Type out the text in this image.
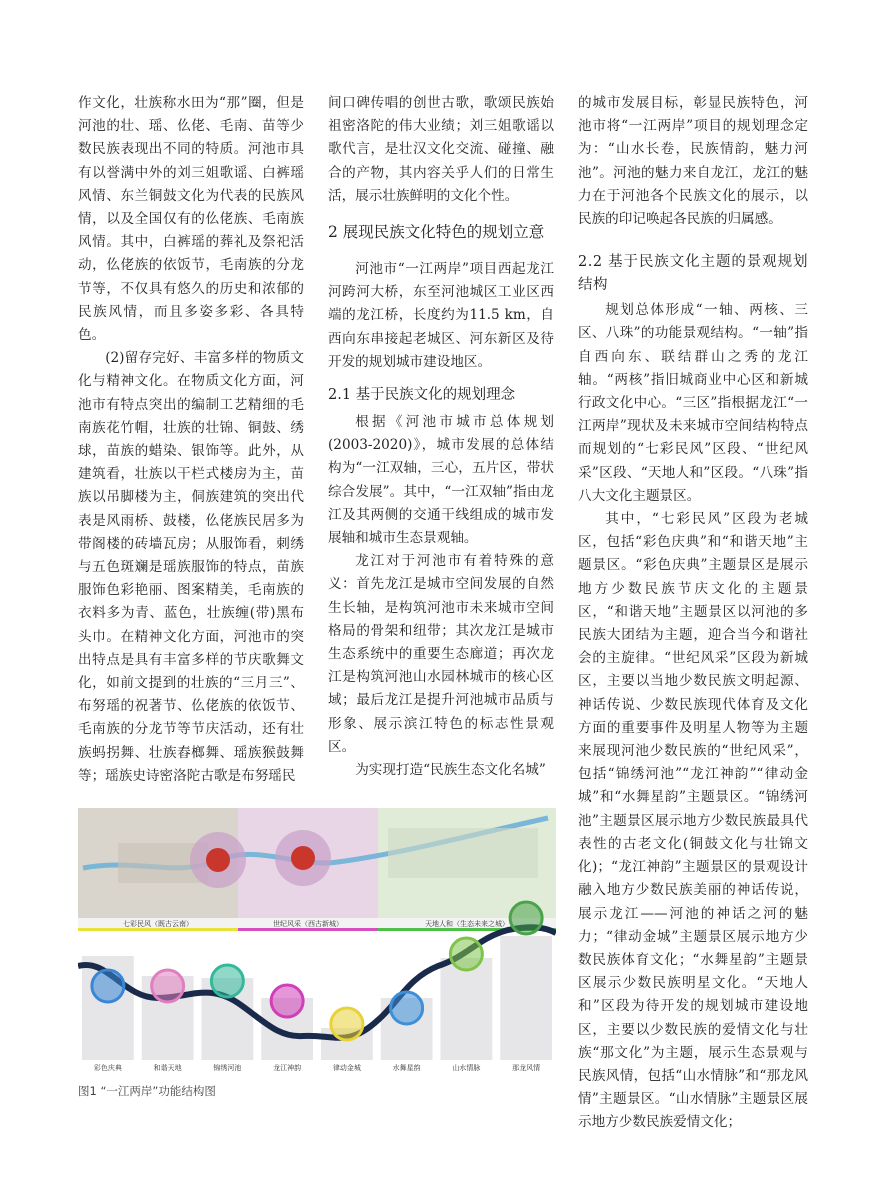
作文化，壮族称水田为“那”圈，但是河池的壮、瑶、仫佬、毛南、苗等少数民族表现出不同的特质。河池市具有以誉满中外的刘三姐歌谣、白裤瑶风情、东兰铜鼓文化为代表的民族风情，以及全国仅有的仫佬族、毛南族风情。其中，白裤瑶的葬礼及祭祀活动，仫佬族的依饭节，毛南族的分龙节等，不仅具有悠久的历史和浓郁的民族风情，而且多姿多彩、各具特色。

(2)留存完好、丰富多样的物质文化与精神文化。在物质文化方面，河池市有特点突出的编制工艺精细的毛南族花竹帽，壮族的壮锦、铜鼓、绣球，苗族的蜡染、银饰等。此外，从建筑看，壮族以干栏式楼房为主，苗族以吊脚楼为主，侗族建筑的突出代表是风雨桥、鼓楼，仫佬族民居多为带阁楼的砖墙瓦房；从服饰看，刺绣与五色斑斓是瑶族服饰的特点，苗族服饰色彩艳丽、图案精美，毛南族的衣料多为青、蓝色，壮族缠(带)黑布头巾。在精神文化方面，河池市的突出特点是具有丰富多样的节庆歌舞文化，如前文提到的壮族的“三月三”、布努瑶的祝著节、仫佬族的依饭节、毛南族的分龙节等节庆活动，还有壮族蚂拐舞、壮族舂榔舞、瑶族猴鼓舞等；瑶族史诗密洛陀古歌是布努瑶民

间口碑传唱的创世古歌，歌颂民族始祖密洛陀的伟大业绩；刘三姐歌谣以歌代言，是壮汉文化交流、碰撞、融合的产物，其内容关乎人们的日常生活，展示壮族鲜明的文化个性。

2 展现民族文化特色的规划立意

河池市“一江两岸”项目西起龙江河跨河大桥，东至河池城区工业区西端的龙江桥，长度约为11.5 km，自西向东串接起老城区、河东新区及待开发的规划城市建设地区。

2.1 基于民族文化的规划理念

根据《河池市城市总体规划(2003-2020)》，城市发展的总体结构为“一江双轴，三心，五片区，带状综合发展”。其中，“一江双轴”指由龙江及其两侧的交通干线组成的城市发展轴和城市生态景观轴。

龙江对于河池市有着特殊的意义：首先龙江是城市空间发展的自然生长轴，是构筑河池市未来城市空间格局的骨架和纽带；其次龙江是城市生态系统中的重要生态廊道；再次龙江是构筑河池山水园林城市的核心区域；最后龙江是提升河池城市品质与形象、展示滨江特色的标志性景观区。

为实现打造“民族生态文化名城”

的城市发展目标，彰显民族特色，河池市将“一江两岸”项目的规划理念定为：“山水长卷，民族情韵，魅力河池”。河池的魅力来自龙江，龙江的魅力在于河池各个民族文化的展示，以民族的印记唤起各民族的归属感。

2.2 基于民族文化主题的景观规划结构

规划总体形成“一轴、两核、三区、八珠”的功能景观结构。“一轴”指自西向东、联结群山之秀的龙江轴。“两核”指旧城商业中心区和新城行政文化中心。“三区”指根据龙江“一江两岸”现状及未来城市空间结构特点而规划的“七彩民风”区段、“世纪风采”区段、“天地人和”区段。“八珠”指八大文化主题景区。

其中，“七彩民风”区段为老城区，包括“彩色庆典”和“和谐天地”主题景区。“彩色庆典”主题景区是展示地方少数民族节庆文化的主题景区，“和谐天地”主题景区以河池的多民族大团结为主题，迎合当今和谐社会的主旋律。“世纪风采”区段为新城区，主要以当地少数民族文明起源、神话传说、少数民族现代体育及文化方面的重要事件及明星人物等为主题来展现河池少数民族的“世纪风采”，包括“锦绣河池”“龙江神韵”“律动金城”和“水舞星韵”主题景区。“锦绣河池”主题景区展示地方少数民族最具代表性的古老文化(铜鼓文化与壮锦文化)；“龙江神韵”主题景区的景观设计融入地方少数民族美丽的神话传说，展示龙江——河池的神话之河的魅力；“律动金城”主题景区展示地方少数民族体育文化；“水舞星韵”主题景区展示少数民族明星文化。“天地人和”区段为待开发的规划城市建设地区，主要以少数民族的爱情文化与壮族“那文化”为主题，展示生态景观与民族风情，包括“山水情脉”和“那龙风情”主题景区。“山水情脉”主题景区展示地方少数民族爱情文化；

七彩民风（既古云南）	世纪风采（西古新城）	天地人和（生态未来之城）
彩色庆典	和谐天地	锦绣河池	龙江神韵	律动金城	水舞星韵	山水情脉	那龙风情
图1 “一江两岸”功能结构图
